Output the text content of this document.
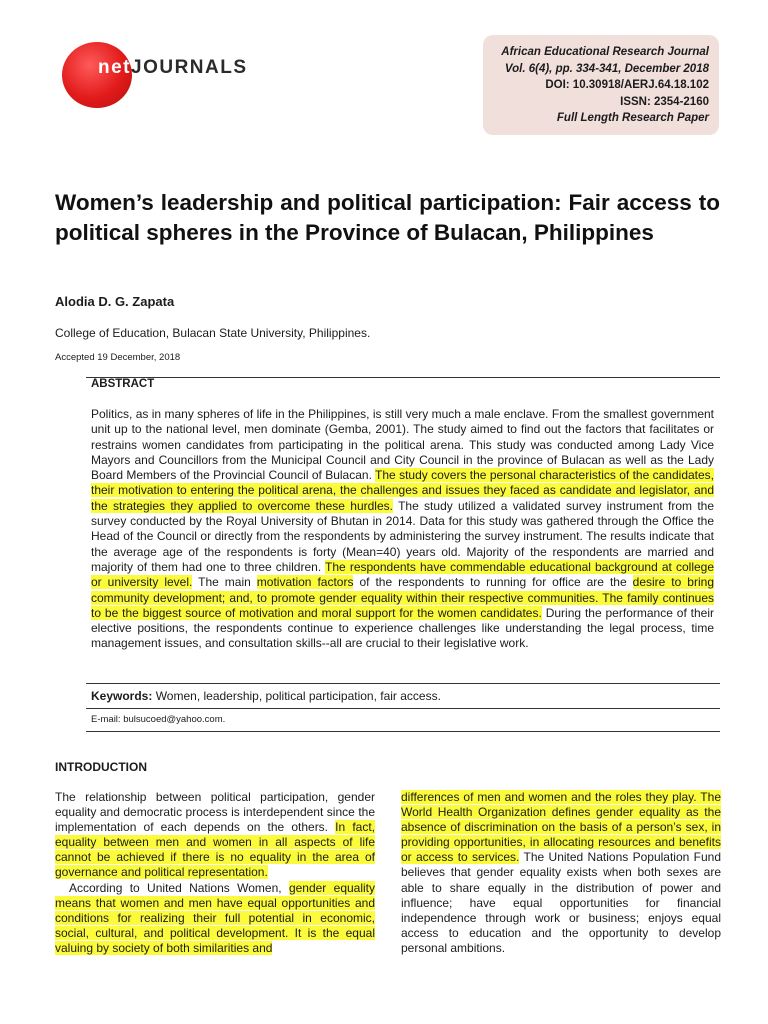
netJOURNALS
African Educational Research Journal
Vol. 6(4), pp. 334-341, December 2018
DOI: 10.30918/AERJ.64.18.102
ISSN: 2354-2160
Full Length Research Paper
Women’s leadership and political participation: Fair access to political spheres in the Province of Bulacan, Philippines
Alodia D. G. Zapata
College of Education, Bulacan State University, Philippines.
Accepted 19 December, 2018
ABSTRACT

Politics, as in many spheres of life in the Philippines, is still very much a male enclave. From the smallest government unit up to the national level, men dominate (Gemba, 2001). The study aimed to find out the factors that facilitates or restrains women candidates from participating in the political arena. This study was conducted among Lady Vice Mayors and Councillors from the Municipal Council and City Council in the province of Bulacan as well as the Lady Board Members of the Provincial Council of Bulacan. The study covers the personal characteristics of the candidates, their motivation to entering the political arena, the challenges and issues they faced as candidate and legislator, and the strategies they applied to overcome these hurdles. The study utilized a validated survey instrument from the survey conducted by the Royal University of Bhutan in 2014. Data for this study was gathered through the Office the Head of the Council or directly from the respondents by administering the survey instrument. The results indicate that the average age of the respondents is forty (Mean=40) years old. Majority of the respondents are married and majority of them had one to three children. The respondents have commendable educational background at college or university level. The main motivation factors of the respondents to running for office are the desire to bring community development; and, to promote gender equality within their respective communities. The family continues to be the biggest source of motivation and moral support for the women candidates. During the performance of their elective positions, the respondents continue to experience challenges like understanding the legal process, time management issues, and consultation skills--all are crucial to their legislative work.

Keywords: Women, leadership, political participation, fair access.
E-mail: bulsucoed@yahoo.com.
INTRODUCTION

The relationship between political participation, gender equality and democratic process is interdependent since the implementation of each depends on the others. In fact, equality between men and women in all aspects of life cannot be achieved if there is no equality in the area of governance and political representation.
According to United Nations Women, gender equality means that women and men have equal opportunities and conditions for realizing their full potential in economic, social, cultural, and political development. It is the equal valuing by society of both similarities and

differences of men and women and the roles they play. The World Health Organization defines gender equality as the absence of discrimination on the basis of a person’s sex, in providing opportunities, in allocating resources and benefits or access to services. The United Nations Population Fund believes that gender equality exists when both sexes are able to share equally in the distribution of power and influence; have equal opportunities for financial independence through work or business; enjoys equal access to education and the opportunity to develop personal ambitions.
